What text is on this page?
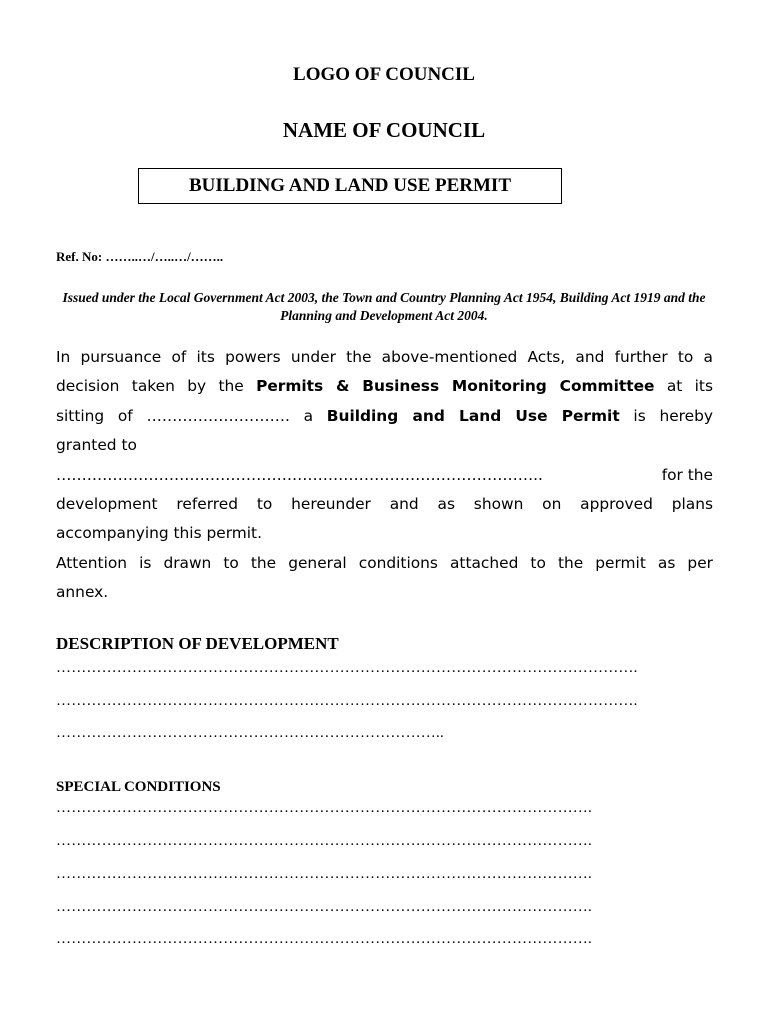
LOGO OF COUNCIL
NAME OF COUNCIL
BUILDING AND LAND USE PERMIT
Ref. No: ……..…/…..…/……..
Issued under the Local Government Act 2003, the Town and Country Planning Act 1954, Building Act 1919 and the Planning and Development Act 2004.

In pursuance of its powers under the above-mentioned Acts, and further to a

decision taken by the Permits & Business Monitoring Committee at its

sitting of ………………………. a Building and Land Use Permit is hereby

granted to

…………………………………………………………………………………..	for the

development referred to hereunder and as shown on approved plans

accompanying this permit.

Attention is drawn to the general conditions attached to the permit as per

annex.

DESCRIPTION OF DEVELOPMENT
…………………………………………………………………………………………………….
…………………………………………………………………………………………………….
…………………………………………………………………..
SPECIAL CONDITIONS
…………………………………………………………………………………………….
…………………………………………………………………………………………….
…………………………………………………………………………………………….
…………………………………………………………………………………………….
…………………………………………………………………………………………….
